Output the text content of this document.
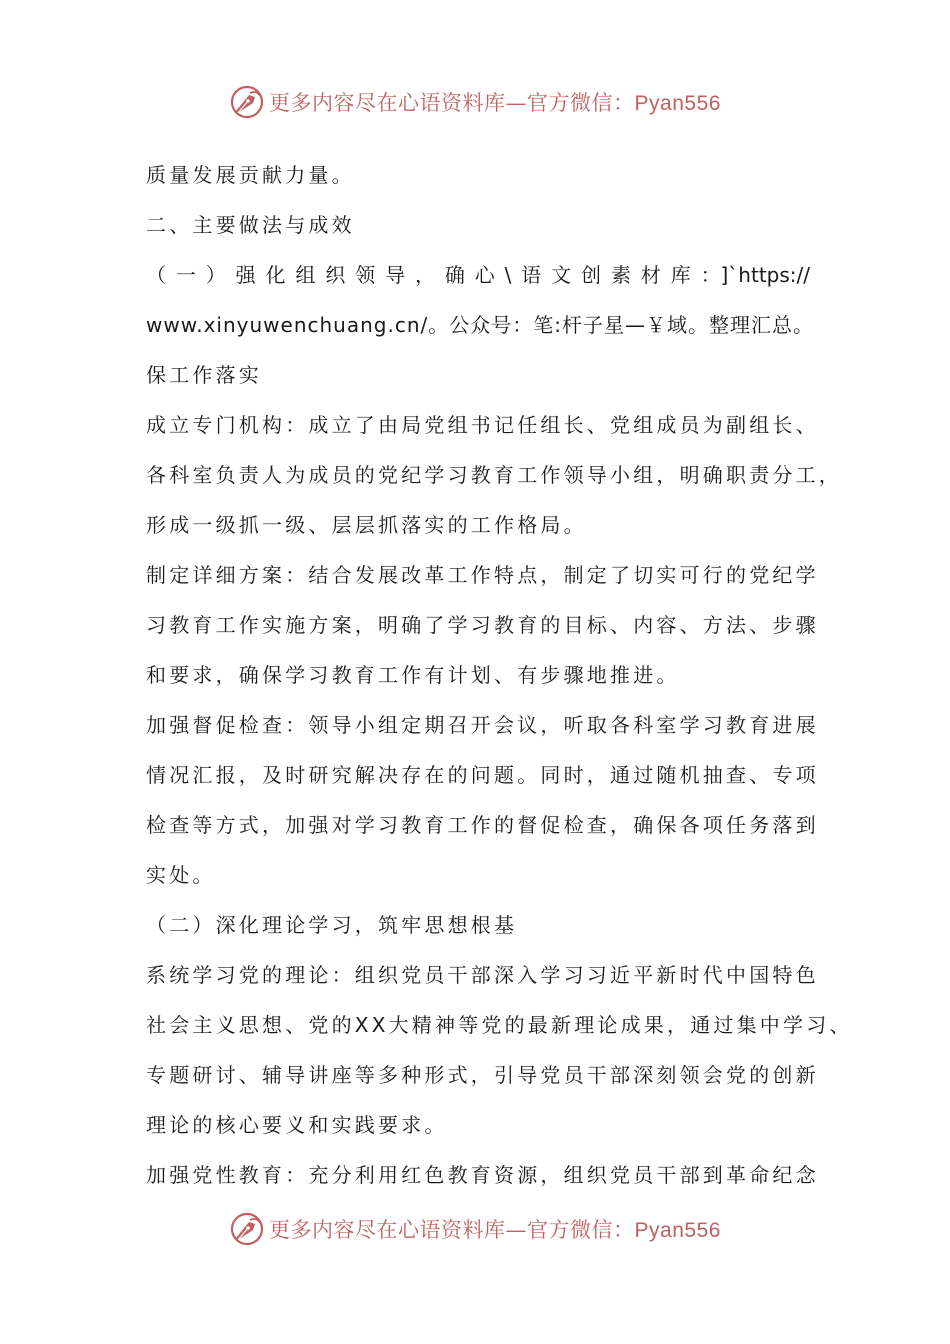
更多内容尽在心语资料库—官方微信：Pyan556
质量发展贡献力量。
二、主要做法与成效
（一）强化组织领导，确心\语文创素材库：]`https://
www.xinyuwenchuang.cn/。公众号：笔:杆子星—￥域。整理汇总。
保工作落实
成立专门机构：成立了由局党组书记任组长、党组成员为副组长、
各科室负责人为成员的党纪学习教育工作领导小组，明确职责分工，
形成一级抓一级、层层抓落实的工作格局。
制定详细方案：结合发展改革工作特点，制定了切实可行的党纪学
习教育工作实施方案，明确了学习教育的目标、内容、方法、步骤
和要求，确保学习教育工作有计划、有步骤地推进。
加强督促检查：领导小组定期召开会议，听取各科室学习教育进展
情况汇报，及时研究解决存在的问题。同时，通过随机抽查、专项
检查等方式，加强对学习教育工作的督促检查，确保各项任务落到
实处。
（二）深化理论学习，筑牢思想根基
系统学习党的理论：组织党员干部深入学习习近平新时代中国特色
社会主义思想、党的XX大精神等党的最新理论成果，通过集中学习、
专题研讨、辅导讲座等多种形式，引导党员干部深刻领会党的创新
理论的核心要义和实践要求。
加强党性教育：充分利用红色教育资源，组织党员干部到革命纪念
更多内容尽在心语资料库—官方微信：Pyan556
